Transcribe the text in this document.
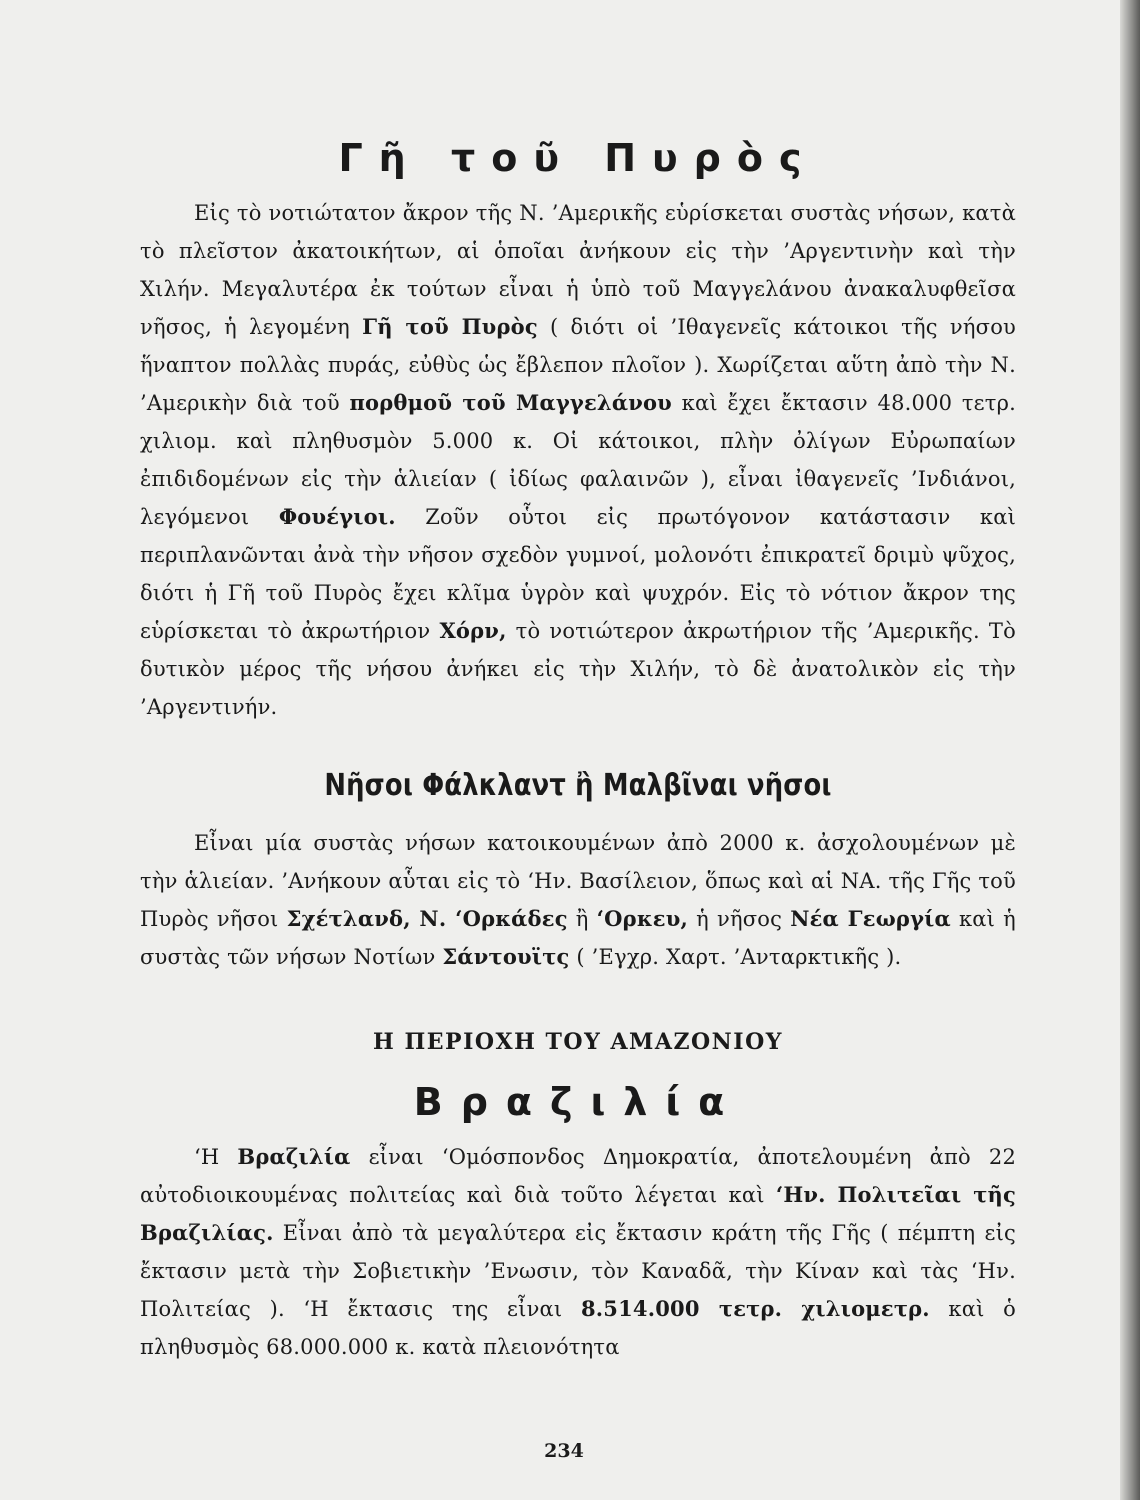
Γῆ τοῦ Πυρὸς

Εἰς τὸ νοτιώτατον ἄκρον τῆς Ν. ’Αμερικῆς εὑρίσκεται συστὰς νήσων, κατὰ τὸ πλεῖστον ἀκατοικήτων, αἱ ὁποῖαι ἀνήκουν εἰς τὴν ’Αργεντινὴν καὶ τὴν Χιλήν. Μεγαλυτέρα ἐκ τούτων εἶναι ἡ ὑπὸ τοῦ Μαγγελάνου ἀνακαλυφθεῖσα νῆσος, ἡ λεγομένη Γῆ τοῦ Πυρὸς ( διότι οἱ ’Ιθαγενεῖς κάτοικοι τῆς νήσου ἥναπτον πολλὰς πυράς, εὐθὺς ὡς ἔβλεπον πλοῖον ). Χωρίζεται αὕτη ἀπὸ τὴν Ν. ’Αμερικὴν διὰ τοῦ πορθμοῦ τοῦ Μαγγελάνου καὶ ἔχει ἔκτασιν 48.000 τετρ. χιλιομ. καὶ πληθυσμὸν 5.000 κ. Οἱ κάτοικοι, πλὴν ὀλίγων Εὐρωπαίων ἐπιδιδομένων εἰς τὴν ἁλιείαν ( ἰδίως φαλαινῶν ), εἶναι ἰθαγενεῖς ’Ινδιάνοι, λεγόμενοι Φουέγιοι. Ζοῦν οὗτοι εἰς πρωτόγονον κατάστασιν καὶ περιπλανῶνται ἀνὰ τὴν νῆσον σχεδὸν γυμνοί, μολονότι ἐπικρατεῖ δριμὺ ψῦχος, διότι ἡ Γῆ τοῦ Πυρὸς ἔχει κλῖμα ὑγρὸν καὶ ψυχρόν. Εἰς τὸ νότιον ἄκρον της εὑρίσκεται τὸ ἀκρωτήριον Χόρν, τὸ νοτιώτερον ἀκρωτήριον τῆς ’Αμερικῆς. Τὸ δυτικὸν μέρος τῆς νήσου ἀνήκει εἰς τὴν Χιλήν, τὸ δὲ ἀνατολικὸν εἰς τὴν ’Αργεντινήν.

Νῆσοι Φάλκλαντ ἢ Μαλβῖναι νῆσοι

Εἶναι μία συστὰς νήσων κατοικουμένων ἀπὸ 2000 κ. ἀσχολουμένων μὲ τὴν ἁλιείαν. ’Ανήκουν αὗται εἰς τὸ ‘Ην. Βασίλειον, ὅπως καὶ αἱ ΝΑ. τῆς Γῆς τοῦ Πυρὸς νῆσοι Σχέτλανδ, Ν. ‘Ορκάδες ἢ ‘Ορκευ, ἡ νῆσος Νέα Γεωργία καὶ ἡ συστὰς τῶν νήσων Νοτίων Σάντουϊτς ( ’Εγχρ. Χαρτ. ’Ανταρκτικῆς ).

Η ΠΕΡΙΟΧΗ ΤΟΥ ΑΜΑΖΟΝΙΟΥ
Βραζιλία

‘Η Βραζιλία εἶναι ‘Ομόσπονδος Δημοκρατία, ἀποτελουμένη ἀπὸ 22 αὐτοδιοικουμένας πολιτείας καὶ διὰ τοῦτο λέγεται καὶ ‘Ην. Πολιτεῖαι τῆς Βραζιλίας. Εἶναι ἀπὸ τὰ μεγαλύτερα εἰς ἔκτασιν κράτη τῆς Γῆς ( πέμπτη εἰς ἔκτασιν μετὰ τὴν Σοβιετικὴν ’Ενωσιν, τὸν Καναδᾶ, τὴν Κίναν καὶ τὰς ‘Ην. Πολιτείας ). ‘Η ἔκτασις της εἶναι 8.514.000 τετρ. χιλιομετρ. καὶ ὁ πληθυσμὸς 68.000.000 κ. κατὰ πλειονότητα

234
